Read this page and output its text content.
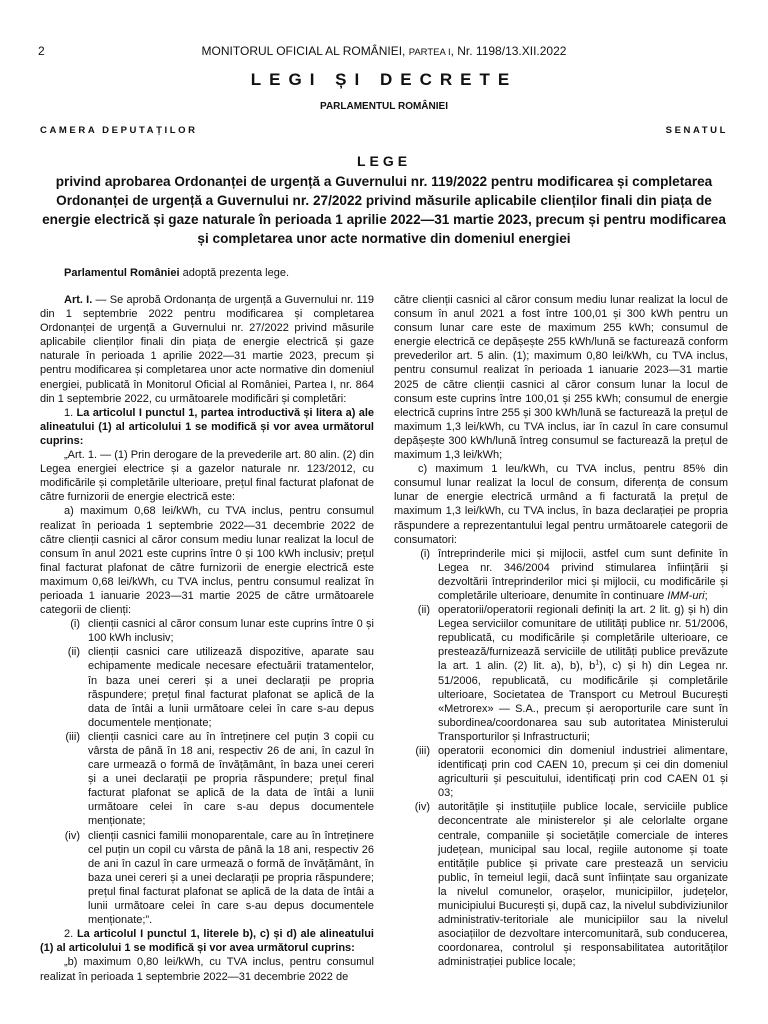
2	MONITORUL OFICIAL AL ROMÂNIEI, PARTEA I, Nr. 1198/13.XII.2022
LEGI ȘI DECRETE
PARLAMENTUL ROMÂNIEI
CAMERA DEPUTAȚILOR	SENATUL
LEGE
privind aprobarea Ordonanței de urgență a Guvernului nr. 119/2022 pentru modificarea și completarea Ordonanței de urgență a Guvernului nr. 27/2022 privind măsurile aplicabile clienților finali din piața de energie electrică și gaze naturale în perioada 1 aprilie 2022—31 martie 2023, precum și pentru modificarea și completarea unor acte normative din domeniul energiei
Parlamentul României adoptă prezenta lege.

Art. I. — Se aprobă Ordonanța de urgență a Guvernului nr. 119 din 1 septembrie 2022 pentru modificarea și completarea Ordonanței de urgență a Guvernului nr. 27/2022 privind măsurile aplicabile clienților finali din piața de energie electrică și gaze naturale în perioada 1 aprilie 2022—31 martie 2023, precum și pentru modificarea și completarea unor acte normative din domeniul energiei, publicată în Monitorul Oficial al României, Partea I, nr. 864 din 1 septembrie 2022, cu următoarele modificări și completări:

1. La articolul I punctul 1, partea introductivă și litera a) ale alineatului (1) al articolului 1 se modifică și vor avea următorul cuprins:

„Art. 1. — (1) Prin derogare de la prevederile art. 80 alin. (2) din Legea energiei electrice și a gazelor naturale nr. 123/2012, cu modificările și completările ulterioare, prețul final facturat plafonat de către furnizorii de energie electrică este:

a) maximum 0,68 lei/kWh, cu TVA inclus, pentru consumul realizat în perioada 1 septembrie 2022—31 decembrie 2022 de către clienții casnici al căror consum mediu lunar realizat la locul de consum în anul 2021 este cuprins între 0 și 100 kWh inclusiv; prețul final facturat plafonat de către furnizorii de energie electrică este maximum 0,68 lei/kWh, cu TVA inclus, pentru consumul realizat în perioada 1 ianuarie 2023—31 martie 2025 de către următoarele categorii de clienți:

(i) clienții casnici al căror consum lunar este cuprins între 0 și 100 kWh inclusiv;
(ii) clienții casnici care utilizează dispozitive, aparate sau echipamente medicale necesare efectuării tratamentelor, în baza unei cereri și a unei declarații pe propria răspundere; prețul final facturat plafonat se aplică de la data de întâi a lunii următoare celei în care s-au depus documentele menționate;
(iii) clienții casnici care au în întreținere cel puțin 3 copii cu vârsta de până în 18 ani, respectiv 26 de ani, în cazul în care urmează o formă de învățământ, în baza unei cereri și a unei declarații pe propria răspundere; prețul final facturat plafonat se aplică de la data de întâi a lunii următoare celei în care s-au depus documentele menționate;
(iv) clienții casnici familii monoparentale, care au în întreținere cel puțin un copil cu vârsta de până la 18 ani, respectiv 26 de ani în cazul în care urmează o formă de învățământ, în baza unei cereri și a unei declarații pe propria răspundere; prețul final facturat plafonat se aplică de la data de întâi a lunii următoare celei în care s-au depus documentele menționate;”.

2. La articolul I punctul 1, literele b), c) și d) ale alineatului (1) al articolului 1 se modifică și vor avea următorul cuprins:

„b) maximum 0,80 lei/kWh, cu TVA inclus, pentru consumul realizat în perioada 1 septembrie 2022—31 decembrie 2022 de

către clienții casnici al căror consum mediu lunar realizat la locul de consum în anul 2021 a fost între 100,01 și 300 kWh pentru un consum lunar care este de maximum 255 kWh; consumul de energie electrică ce depășește 255 kWh/lună se facturează conform prevederilor art. 5 alin. (1); maximum 0,80 lei/kWh, cu TVA inclus, pentru consumul realizat în perioada 1 ianuarie 2023—31 martie 2025 de către clienții casnici al căror consum lunar la locul de consum este cuprins între 100,01 și 255 kWh; consumul de energie electrică cuprins între 255 și 300 kWh/lună se facturează la prețul de maximum 1,3 lei/kWh, cu TVA inclus, iar în cazul în care consumul depășește 300 kWh/lună întreg consumul se facturează la prețul de maximum 1,3 lei/kWh;

c) maximum 1 leu/kWh, cu TVA inclus, pentru 85% din consumul lunar realizat la locul de consum, diferența de consum lunar de energie electrică urmând a fi facturată la prețul de maximum 1,3 lei/kWh, cu TVA inclus, în baza declarației pe propria răspundere a reprezentantului legal pentru următoarele categorii de consumatori:

(i) întreprinderile mici și mijlocii, astfel cum sunt definite în Legea nr. 346/2004 privind stimularea înființării și dezvoltării întreprinderilor mici și mijlocii, cu modificările și completările ulterioare, denumite în continuare IMM-uri;
(ii) operatorii/operatorii regionali definiți la art. 2 lit. g) și h) din Legea serviciilor comunitare de utilități publice nr. 51/2006, republicată, cu modificările și completările ulterioare, ce prestează/furnizează serviciile de utilități publice prevăzute la art. 1 alin. (2) lit. a), b), $b^1$), c) și h) din Legea nr. 51/2006, republicată, cu modificările și completările ulterioare, Societatea de Transport cu Metroul București «Metrorex» — S.A., precum și aeroporturile care sunt în subordinea/coordonarea sau sub autoritatea Ministerului Transporturilor și Infrastructurii;
(iii) operatorii economici din domeniul industriei alimentare, identificați prin cod CAEN 10, precum și cei din domeniul agriculturii și pescuitului, identificați prin cod CAEN 01 și 03;
(iv) autoritățile și instituțiile publice locale, serviciile publice deconcentrate ale ministerelor și ale celorlalte organe centrale, companiile și societățile comerciale de interes județean, municipal sau local, regiile autonome și toate entitățile publice și private care prestează un serviciu public, în temeiul legii, dacă sunt înființate sau organizate la nivelul comunelor, orașelor, municipiilor, județelor, municipiului București și, după caz, la nivelul subdiviziunilor administrativ-teritoriale ale municipiilor sau la nivelul asociațiilor de dezvoltare intercomunitară, sub conducerea, coordonarea, controlul și responsabilitatea autorităților administrației publice locale;
